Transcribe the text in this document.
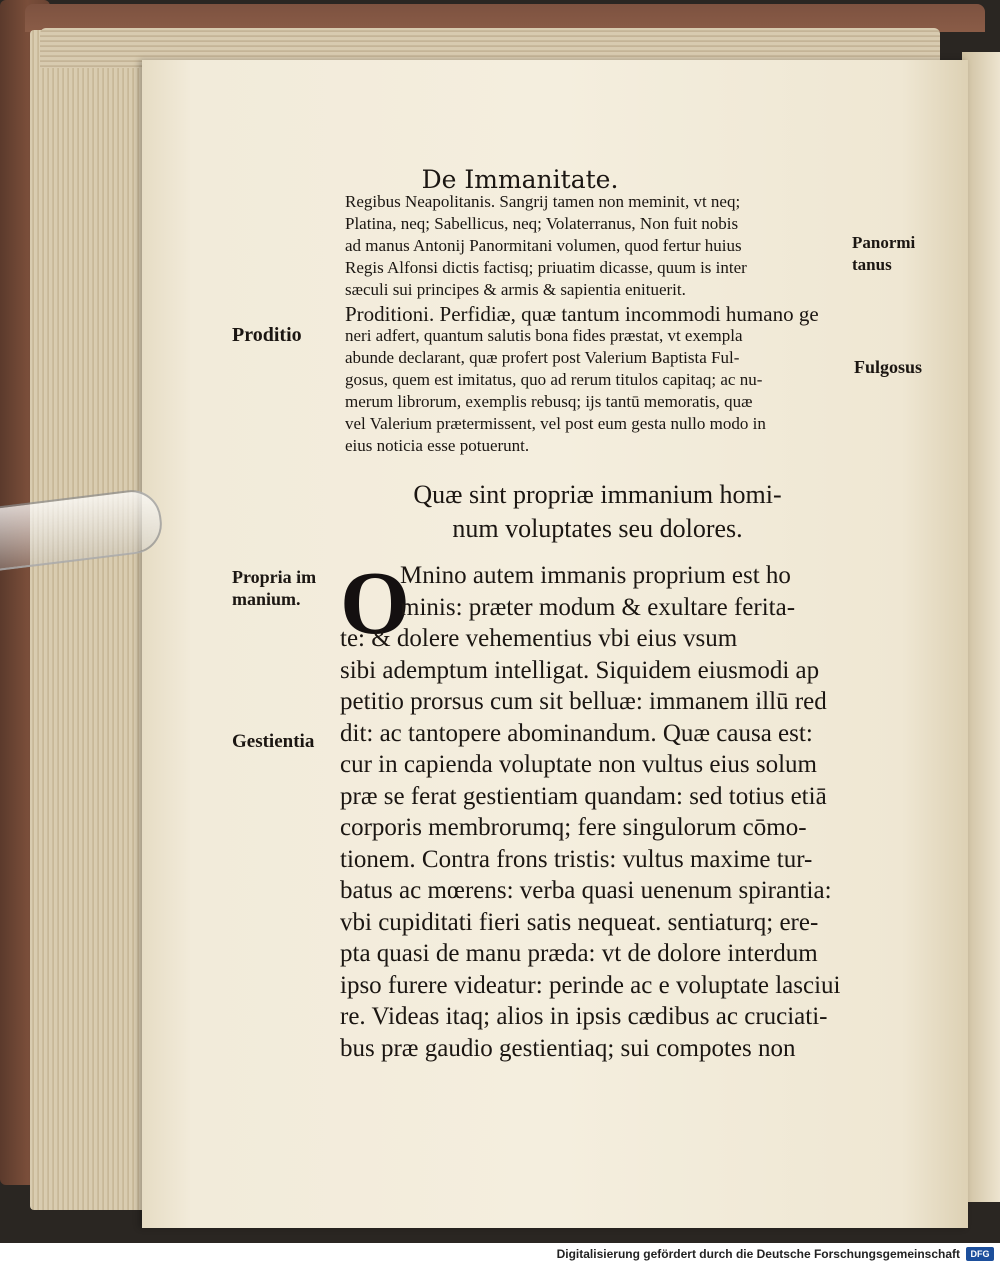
De Immanitate.
Regibus Neapolitanis. Sangrij tamen non meminit, vt neq;
Platina, neq; Sabellicus, neq; Volaterranus, Non fuit nobis
ad manus Antonij Panormitani volumen, quod fertur huius
Regis Alfonsi dictis factisq; priuatim dicasse, quum is inter
sæculi sui principes & armis & sapientia enituerit.
Proditioni. Perfidiæ, quæ tantum incommodi humano ge
neri adfert, quantum salutis bona fides præstat, vt exempla
abunde declarant, quæ profert post Valerium Baptista Ful-
gosus, quem est imitatus, quo ad rerum titulos capitaq; ac nu-
merum librorum, exemplis rebusq; ijs tantū memoratis, quæ
vel Valerium prætermissent, vel post eum gesta nullo modo in
eius noticia esse potuerunt.
Quæ sint propriæ immanium homi-
num voluptates seu dolores.
O
Mnino autem immanis proprium est ho
minis: præter modum & exultare ferita-
te: & dolere vehementius vbi eius vsum
sibi ademptum intelligat. Siquidem eiusmodi ap
petitio prorsus cum sit belluæ: immanem illū red
dit: ac tantopere abominandum. Quæ causa est:
cur in capienda voluptate non vultus eius solum
præ se ferat gestientiam quandam: sed totius etiā
corporis membrorumq; fere singulorum cōmo-
tionem. Contra frons tristis: vultus maxime tur-
batus ac mœrens: verba quasi uenenum spirantia:
vbi cupiditati fieri satis nequeat. sentiaturq; ere-
pta quasi de manu præda: vt de dolore interdum
ipso furere videatur: perinde ac e voluptate lasciui
re. Videas itaq; alios in ipsis cædibus ac cruciati-
bus præ gaudio gestientiaq; sui compotes non
Proditio
Propria im
manium.
Gestientia
Panormi
tanus
Fulgosus
Digitalisierung gefördert durch die Deutsche Forschungsgemeinschaft	DFG
